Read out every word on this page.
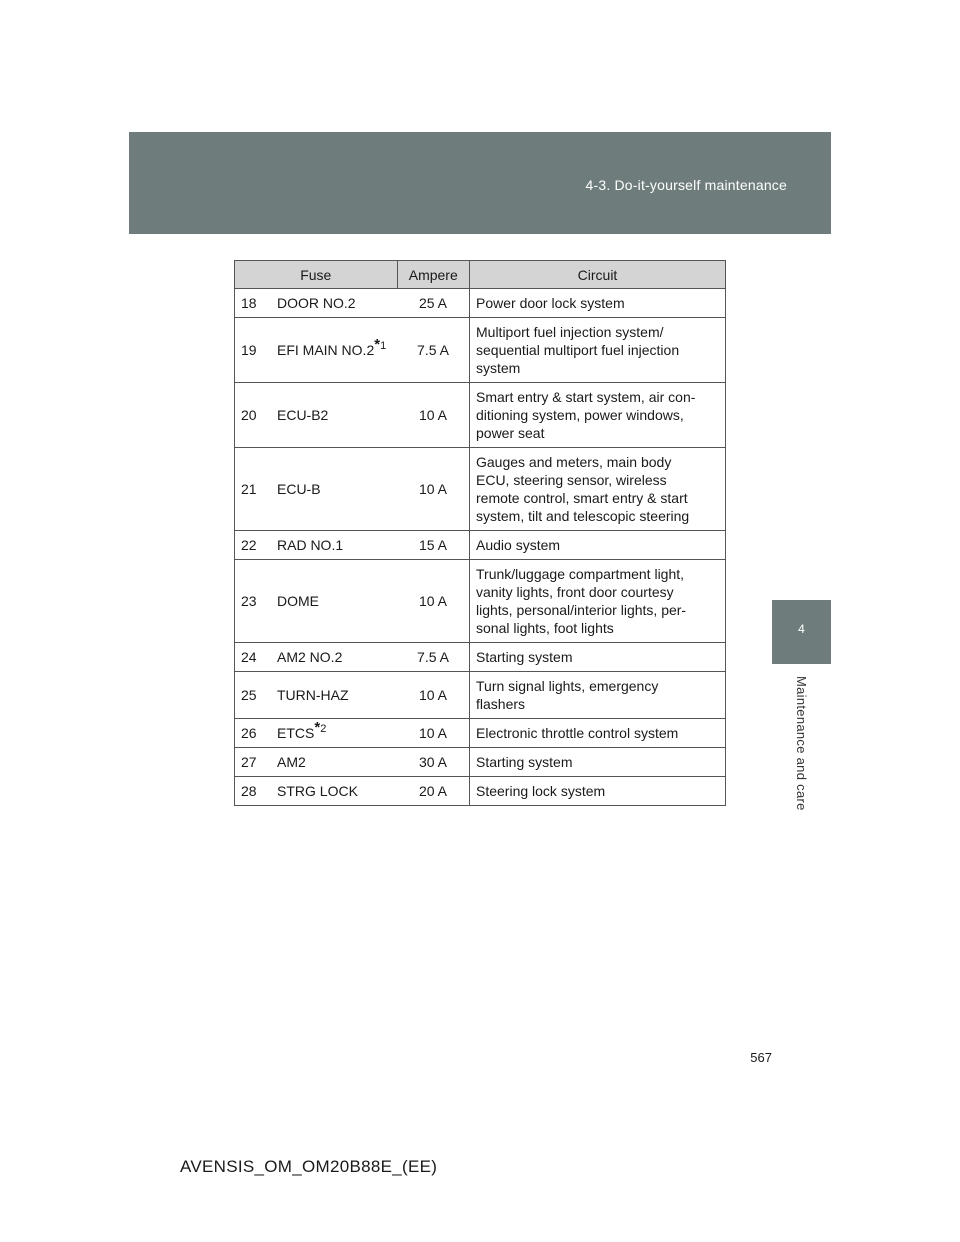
4-3. Do-it-yourself maintenance
4
Maintenance and care
Fuse		Ampere	Circuit
18	DOOR NO.2	25 A	Power door lock system

19	EFI MAIN NO.2$^{*1}$	7.5 A	Multiport fuel injection system/
sequential multiport fuel injection
system

20	ECU-B2	10 A	Smart entry & start system, air con-
ditioning system, power windows,
power seat

21	ECU-B	10 A	Gauges and meters, main body
ECU, steering sensor, wireless
remote control, smart entry & start
system, tilt and telescopic steering

22	RAD NO.1	15 A	Audio system

23	DOME	10 A	Trunk/luggage compartment light,
vanity lights, front door courtesy
lights, personal/interior lights, per-
sonal lights, foot lights

24	AM2 NO.2	7.5 A	Starting system

25	TURN-HAZ	10 A	Turn signal lights, emergency
flashers

26	ETCS$^{*2}$	10 A	Electronic throttle control system

27	AM2	30 A	Starting system

28	STRG LOCK	20 A	Steering lock system
567
AVENSIS_OM_OM20B88E_(EE)
